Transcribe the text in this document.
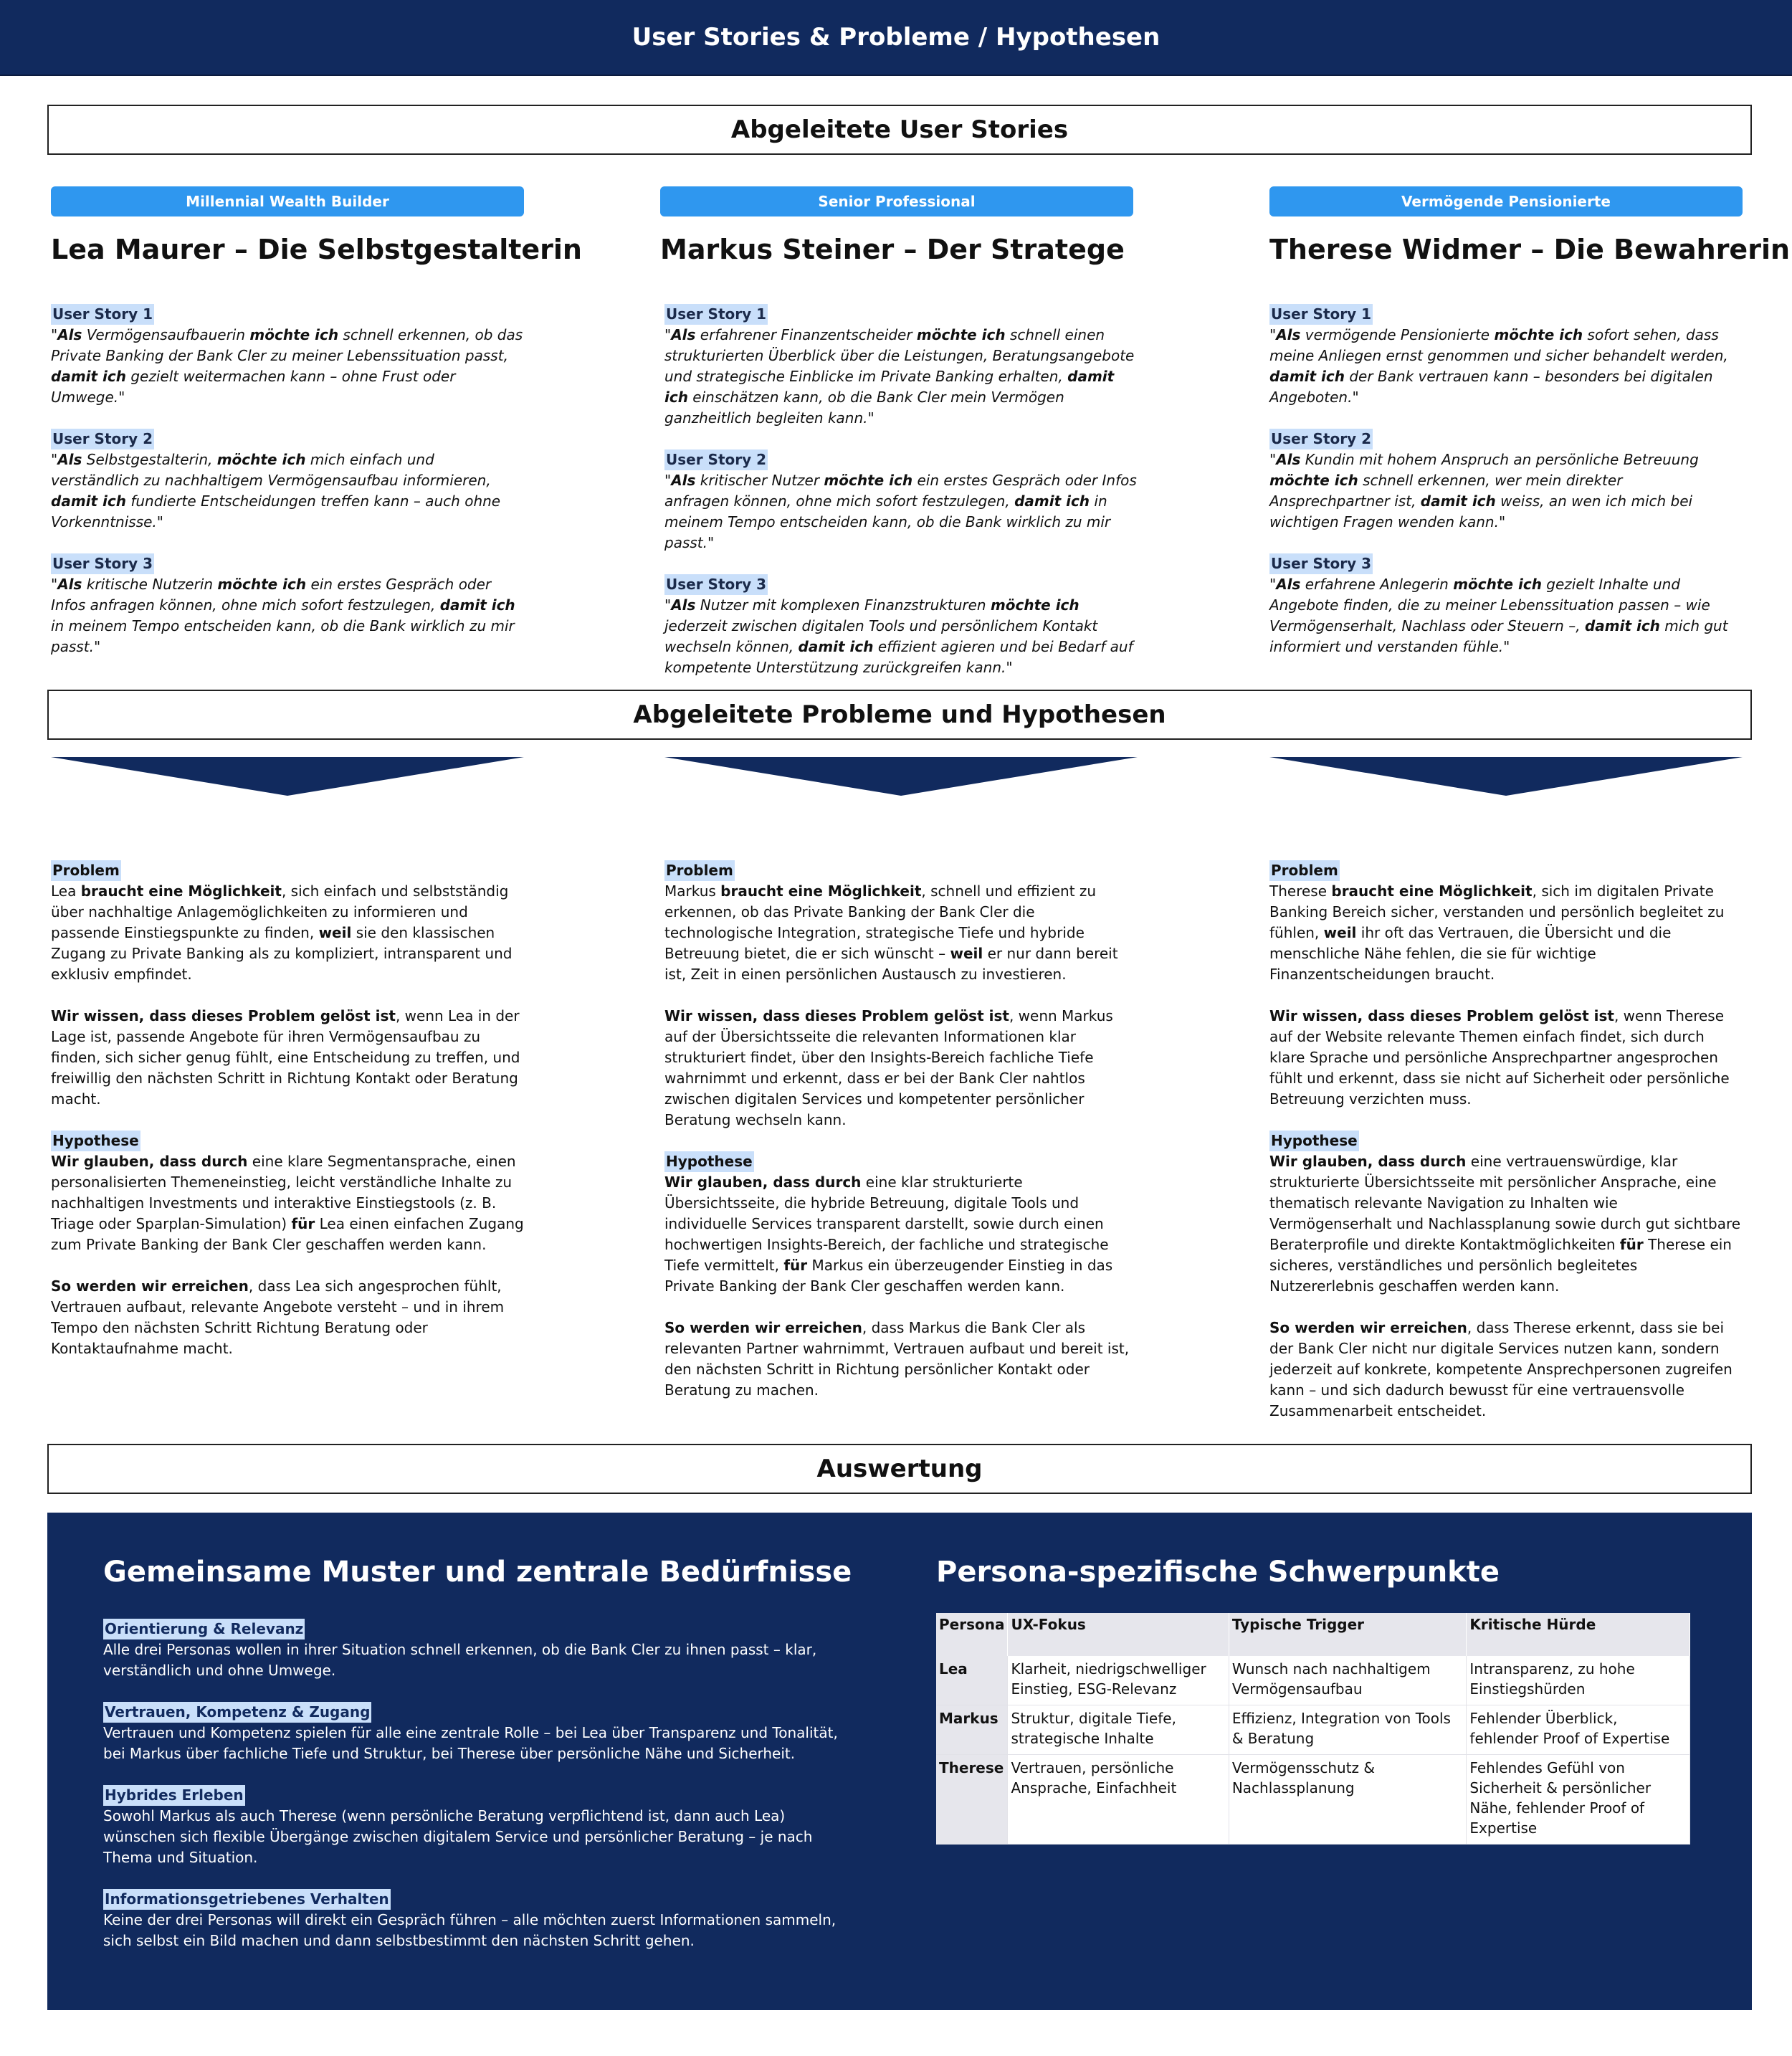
User Stories & Probleme / Hypothesen
Abgeleitete User Stories
Millennial Wealth Builder
Lea Maurer – Die Selbstgestalterin
Senior Professional
Markus Steiner – Der Stratege
Vermögende Pensionierte
Therese Widmer – Die Bewahrerin
User Story 1

"Als Vermögensaufbauerin möchte ich schnell erkennen, ob das Private Banking der Bank Cler zu meiner Lebenssituation passt, damit ich gezielt weitermachen kann – ohne Frust oder Umwege."

User Story 2

"Als Selbstgestalterin, möchte ich mich einfach und verständlich zu nachhaltigem Vermögensaufbau informieren, damit ich fundierte Entscheidungen treffen kann – auch ohne Vorkenntnisse."

User Story 3

"Als kritische Nutzerin möchte ich ein erstes Gespräch oder Infos anfragen können, ohne mich sofort festzulegen, damit ich in meinem Tempo entscheiden kann, ob die Bank wirklich zu mir passt."

User Story 1

"Als erfahrener Finanzentscheider möchte ich schnell einen strukturierten Überblick über die Leistungen, Beratungsangebote und strategische Einblicke im Private Banking erhalten, damit ich einschätzen kann, ob die Bank Cler mein Vermögen ganzheitlich begleiten kann."

User Story 2

"Als kritischer Nutzer möchte ich ein erstes Gespräch oder Infos anfragen können, ohne mich sofort festzulegen, damit ich in meinem Tempo entscheiden kann, ob die Bank wirklich zu mir passt."

User Story 3

"Als Nutzer mit komplexen Finanzstrukturen möchte ich jederzeit zwischen digitalen Tools und persönlichem Kontakt wechseln können, damit ich effizient agieren und bei Bedarf auf kompetente Unterstützung zurückgreifen kann."

User Story 1

"Als vermögende Pensionierte möchte ich sofort sehen, dass meine Anliegen ernst genommen und sicher behandelt werden, damit ich der Bank vertrauen kann – besonders bei digitalen Angeboten."

User Story 2

"Als Kundin mit hohem Anspruch an persönliche Betreuung möchte ich schnell erkennen, wer mein direkter Ansprechpartner ist, damit ich weiss, an wen ich mich bei wichtigen Fragen wenden kann."

User Story 3

"Als erfahrene Anlegerin möchte ich gezielt Inhalte und Angebote finden, die zu meiner Lebenssituation passen – wie Vermögenserhalt, Nachlass oder Steuern –, damit ich mich gut informiert und verstanden fühle."

Abgeleitete Probleme und Hypothesen
Problem

Lea braucht eine Möglichkeit, sich einfach und selbstständig über nachhaltige Anlagemöglichkeiten zu informieren und passende Einstiegspunkte zu finden, weil sie den klassischen Zugang zu Private Banking als zu kompliziert, intransparent und exklusiv empfindet.

Wir wissen, dass dieses Problem gelöst ist, wenn Lea in der Lage ist, passende Angebote für ihren Vermögensaufbau zu finden, sich sicher genug fühlt, eine Entscheidung zu treffen, und freiwillig den nächsten Schritt in Richtung Kontakt oder Beratung macht.

Hypothese

Wir glauben, dass durch eine klare Segmentansprache, einen personalisierten Themeneinstieg, leicht verständliche Inhalte zu nachhaltigen Investments und interaktive Einstiegstools (z. B. Triage oder Sparplan-Simulation) für Lea einen einfachen Zugang zum Private Banking der Bank Cler geschaffen werden kann.

So werden wir erreichen, dass Lea sich angesprochen fühlt, Vertrauen aufbaut, relevante Angebote versteht – und in ihrem Tempo den nächsten Schritt Richtung Beratung oder Kontaktaufnahme macht.

Problem

Markus braucht eine Möglichkeit, schnell und effizient zu erkennen, ob das Private Banking der Bank Cler die technologische Integration, strategische Tiefe und hybride Betreuung bietet, die er sich wünscht – weil er nur dann bereit ist, Zeit in einen persönlichen Austausch zu investieren.

Wir wissen, dass dieses Problem gelöst ist, wenn Markus auf der Übersichtsseite die relevanten Informationen klar strukturiert findet, über den Insights-Bereich fachliche Tiefe wahrnimmt und erkennt, dass er bei der Bank Cler nahtlos zwischen digitalen Services und kompetenter persönlicher Beratung wechseln kann.

Hypothese

Wir glauben, dass durch eine klar strukturierte Übersichtsseite, die hybride Betreuung, digitale Tools und individuelle Services transparent darstellt, sowie durch einen hochwertigen Insights-Bereich, der fachliche und strategische Tiefe vermittelt, für Markus ein überzeugender Einstieg in das Private Banking der Bank Cler geschaffen werden kann.

So werden wir erreichen, dass Markus die Bank Cler als relevanten Partner wahrnimmt, Vertrauen aufbaut und bereit ist, den nächsten Schritt in Richtung persönlicher Kontakt oder Beratung zu machen.

Problem

Therese braucht eine Möglichkeit, sich im digitalen Private Banking Bereich sicher, verstanden und persönlich begleitet zu fühlen, weil ihr oft das Vertrauen, die Übersicht und die menschliche Nähe fehlen, die sie für wichtige Finanzentscheidungen braucht.

Wir wissen, dass dieses Problem gelöst ist, wenn Therese auf der Website relevante Themen einfach findet, sich durch klare Sprache und persönliche Ansprechpartner angesprochen fühlt und erkennt, dass sie nicht auf Sicherheit oder persönliche Betreuung verzichten muss.

Hypothese

Wir glauben, dass durch eine vertrauenswürdige, klar strukturierte Übersichtsseite mit persönlicher Ansprache, eine thematisch relevante Navigation zu Inhalten wie Vermögenserhalt und Nachlassplanung sowie durch gut sichtbare Beraterprofile und direkte Kontaktmöglichkeiten für Therese ein sicheres, verständliches und persönlich begleitetes Nutzererlebnis geschaffen werden kann.

So werden wir erreichen, dass Therese erkennt, dass sie bei der Bank Cler nicht nur digitale Services nutzen kann, sondern jederzeit auf konkrete, kompetente Ansprechpersonen zugreifen kann – und sich dadurch bewusst für eine vertrauensvolle Zusammenarbeit entscheidet.

Auswertung
Gemeinsame Muster und zentrale Bedürfnisse
Orientierung & Relevanz

Alle drei Personas wollen in ihrer Situation schnell erkennen, ob die Bank Cler zu ihnen passt – klar, verständlich und ohne Umwege.

Vertrauen, Kompetenz & Zugang

Vertrauen und Kompetenz spielen für alle eine zentrale Rolle – bei Lea über Transparenz und Tonalität, bei Markus über fachliche Tiefe und Struktur, bei Therese über persönliche Nähe und Sicherheit.

Hybrides Erleben

Sowohl Markus als auch Therese (wenn persönliche Beratung verpflichtend ist, dann auch Lea) wünschen sich flexible Übergänge zwischen digitalem Service und persönlicher Beratung – je nach Thema und Situation.

Informationsgetriebenes Verhalten

Keine der drei Personas will direkt ein Gespräch führen – alle möchten zuerst Informationen sammeln, sich selbst ein Bild machen und dann selbstbestimmt den nächsten Schritt gehen.

Persona-spezifische Schwerpunkte
Persona	UX-Fokus	Typische Trigger	Kritische Hürde
Lea	Klarheit, niedrigschwelliger Einstieg, ESG-Relevanz	Wunsch nach nachhaltigem Vermögensaufbau	Intransparenz, zu hohe Einstiegshürden
Markus	Struktur, digitale Tiefe, strategische Inhalte	Effizienz, Integration von Tools & Beratung	Fehlender Überblick, fehlender Proof of Expertise
Therese	Vertrauen, persönliche Ansprache, Einfachheit	Vermögensschutz & Nachlassplanung	Fehlendes Gefühl von Sicherheit & persönlicher Nähe, fehlender Proof of Expertise
